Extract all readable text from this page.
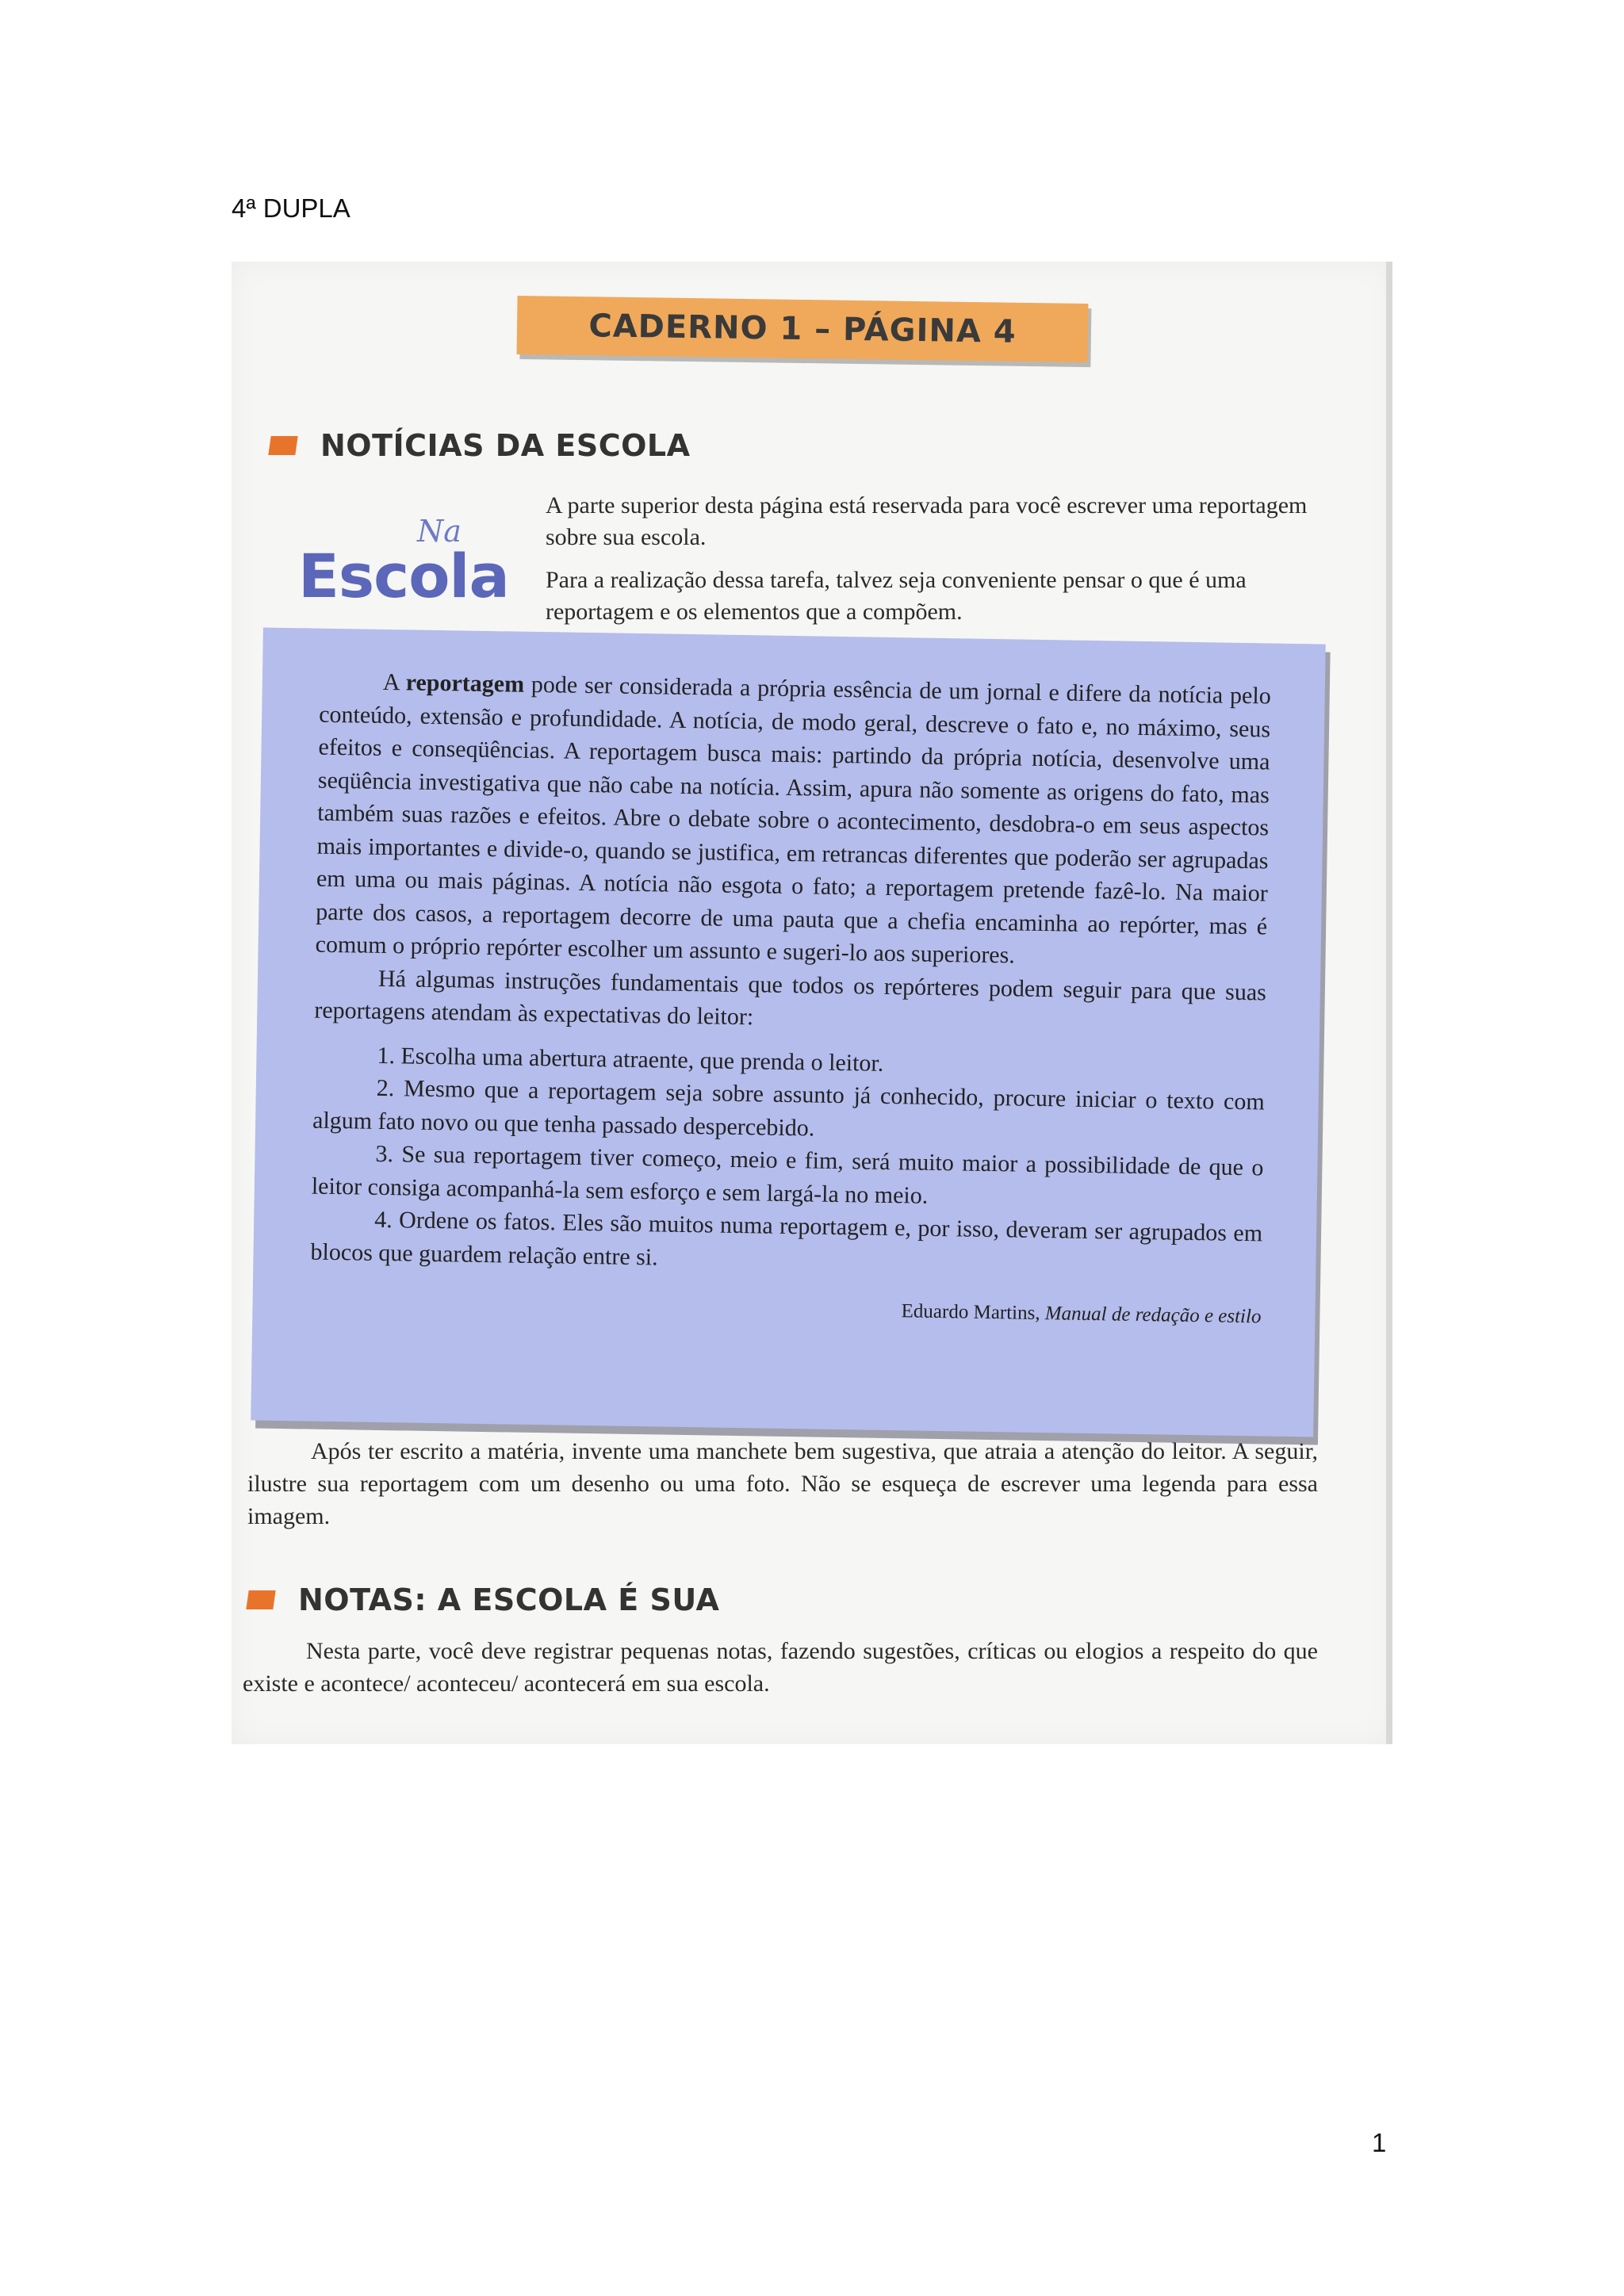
4ª DUPLA
CADERNO 1 – PÁGINA 4
NOTÍCIAS DA ESCOLA
Na
Escola

A parte superior desta página está reservada para você escrever uma reportagem sobre sua escola.

Para a realização dessa tarefa, talvez seja conveniente pensar o que é uma reportagem e os elementos que a compõem.

A reportagem pode ser considerada a própria essência de um jornal e difere da notícia pelo conteúdo, extensão e profundidade. A notícia, de modo geral, descreve o fato e, no máximo, seus efeitos e conseqüências. A reportagem busca mais: partindo da própria notícia, desenvolve uma seqüência investigativa que não cabe na notícia. Assim, apura não somente as origens do fato, mas também suas razões e efeitos. Abre o debate sobre o acontecimento, desdobra-o em seus aspectos mais importantes e divide-o, quando se justifica, em retrancas diferentes que poderão ser agrupadas em uma ou mais páginas. A notícia não esgota o fato; a reportagem pretende fazê-lo. Na maior parte dos casos, a reportagem decorre de uma pauta que a chefia encaminha ao repórter, mas é comum o próprio repórter escolher um assunto e sugeri-lo aos superiores.

Há algumas instruções fundamentais que todos os repórteres podem seguir para que suas reportagens atendam às expectativas do leitor:

1. Escolha uma abertura atraente, que prenda o leitor.

2. Mesmo que a reportagem seja sobre assunto já conhecido, procure iniciar o texto com algum fato novo ou que tenha passado despercebido.

3. Se sua reportagem tiver começo, meio e fim, será muito maior a possibilidade de que o leitor consiga acompanhá-la sem esforço e sem largá-la no meio.

4. Ordene os fatos. Eles são muitos numa reportagem e, por isso, deveram ser agrupados em blocos que guardem relação entre si.

Eduardo Martins, Manual de redação e estilo

Após ter escrito a matéria, invente uma manchete bem sugestiva, que atraia a atenção do leitor. A seguir, ilustre sua reportagem com um desenho ou uma foto. Não se esqueça de escrever uma legenda para essa imagem.
NOTAS: A ESCOLA É SUA
Nesta parte, você deve registrar pequenas notas, fazendo sugestões, críticas ou elogios a respeito do que existe e acontece/ aconteceu/ acontecerá em sua escola.
1
